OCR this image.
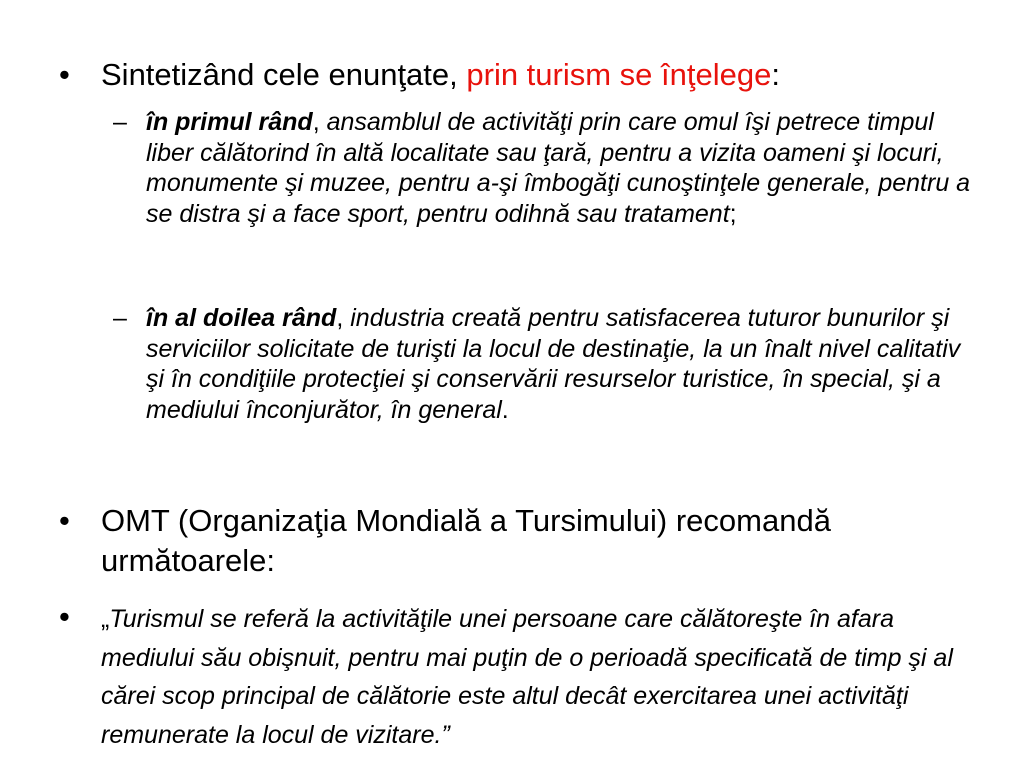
• Sintetizând cele enunţate, prin turism se înţelege:
– în primul rând, ansamblul de activităţi prin care omul îşi petrece timpul liber călătorind în altă localitate sau ţară, pentru a vizita oameni şi locuri, monumente şi muzee, pentru a-şi îmbogăţi cunoştinţele generale, pentru a se distra şi a face sport, pentru odihnă sau tratament;
– în al doilea rând, industria creată pentru satisfacerea tuturor bunurilor şi serviciilor solicitate de turişti la locul de destinaţie, la un înalt nivel calitativ şi în condiţiile protecţiei şi conservării resurselor turistice, în special, şi a mediului înconjurător, în general.
• OMT (Organizaţia Mondială a Tursimului) recomandă următoarele:
• „Turismul se referă la activităţile unei persoane care călătoreşte în afara mediului său obişnuit, pentru mai puţin de o perioadă specificată de timp şi al cărei scop principal de călătorie este altul decât exercitarea unei activităţi remunerate la locul de vizitare.”
